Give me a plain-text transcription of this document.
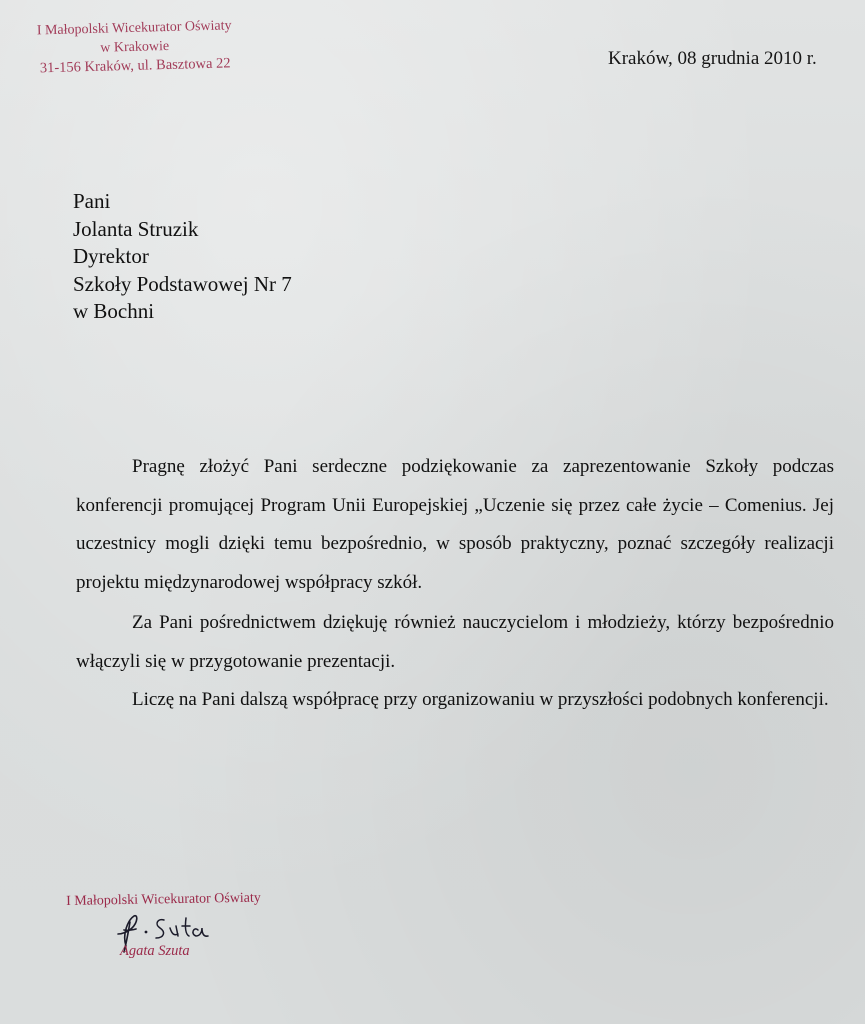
I Małopolski Wicekurator Oświaty
w Krakowie
31-156 Kraków, ul. Basztowa 22	Kraków, 08 grudnia 2010 r.
Pani
Jolanta Struzik
Dyrektor
Szkoły Podstawowej Nr 7
w Bochni

Pragnę złożyć Pani serdeczne podziękowanie za zaprezentowanie Szkoły podczas konferencji promującej Program Unii Europejskiej „Uczenie się przez całe życie – Comenius. Jej uczestnicy mogli dzięki temu bezpośrednio, w sposób praktyczny, poznać szczegóły realizacji projektu międzynarodowej współpracy szkół.

Za Pani pośrednictwem dziękuję również nauczycielom i młodzieży, którzy bezpośrednio włączyli się w przygotowanie prezentacji.

Liczę na Pani dalszą współpracę przy organizowaniu w przyszłości podobnych konferencji.

I Małopolski Wicekurator Oświaty
Agata Szuta
